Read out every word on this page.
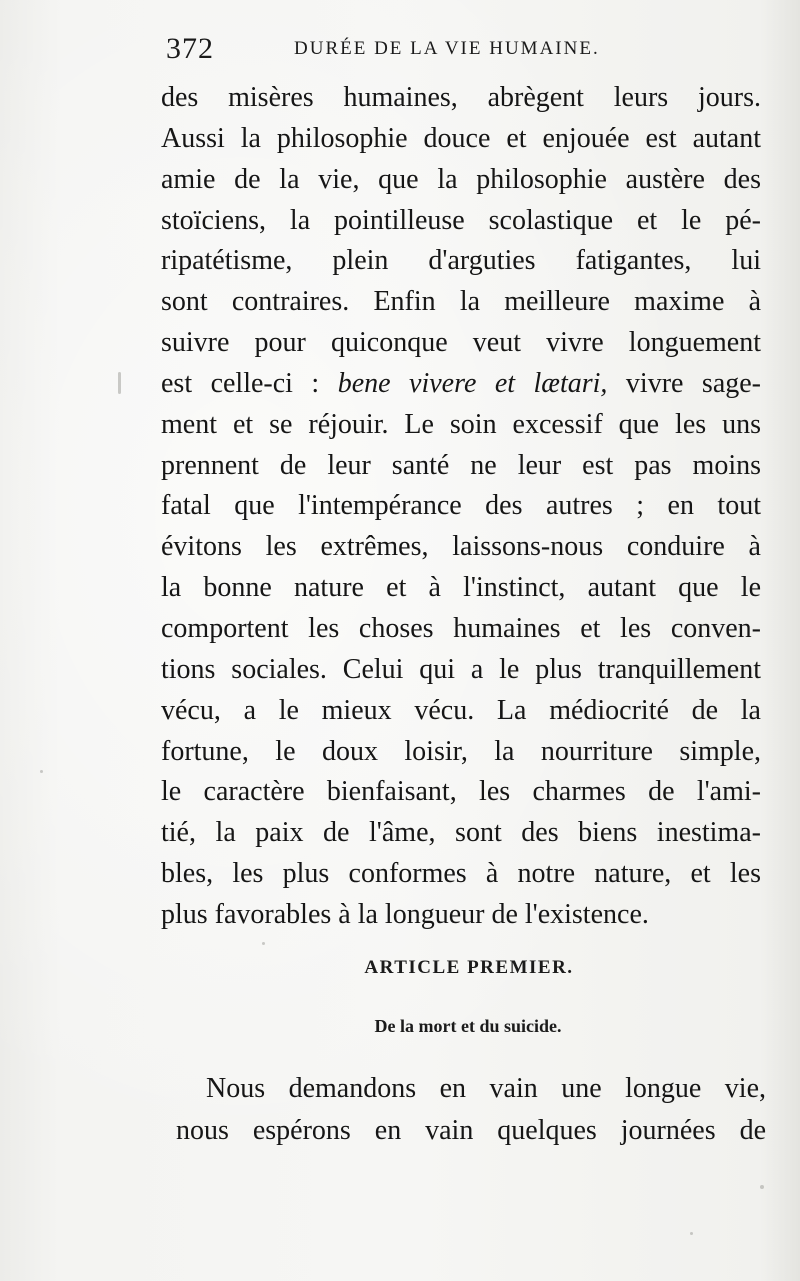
372	DURÉE DE LA VIE HUMAINE.
des misères humaines, abrègent leurs jours.
Aussi la philosophie douce et enjouée est autant
amie de la vie, que la philosophie austère des
stoïciens, la pointilleuse scolastique et le pé-
ripatétisme, plein d'arguties fatigantes, lui
sont contraires. Enfin la meilleure maxime à
suivre pour quiconque veut vivre longuement
est celle-ci : bene vivere et lætari, vivre sage-
ment et se réjouir. Le soin excessif que les uns
prennent de leur santé ne leur est pas moins
fatal que l'intempérance des autres ; en tout
évitons les extrêmes, laissons-nous conduire à
la bonne nature et à l'instinct, autant que le
comportent les choses humaines et les conven-
tions sociales. Celui qui a le plus tranquillement
vécu, a le mieux vécu. La médiocrité de la
fortune, le doux loisir, la nourriture simple,
le caractère bienfaisant, les charmes de l'ami-
tié, la paix de l'âme, sont des biens inestima-
bles, les plus conformes à notre nature, et les
plus favorables à la longueur de l'existence.
ARTICLE PREMIER.
De la mort et du suicide.
Nous demandons en vain une longue vie,
nous espérons en vain quelques journées de
